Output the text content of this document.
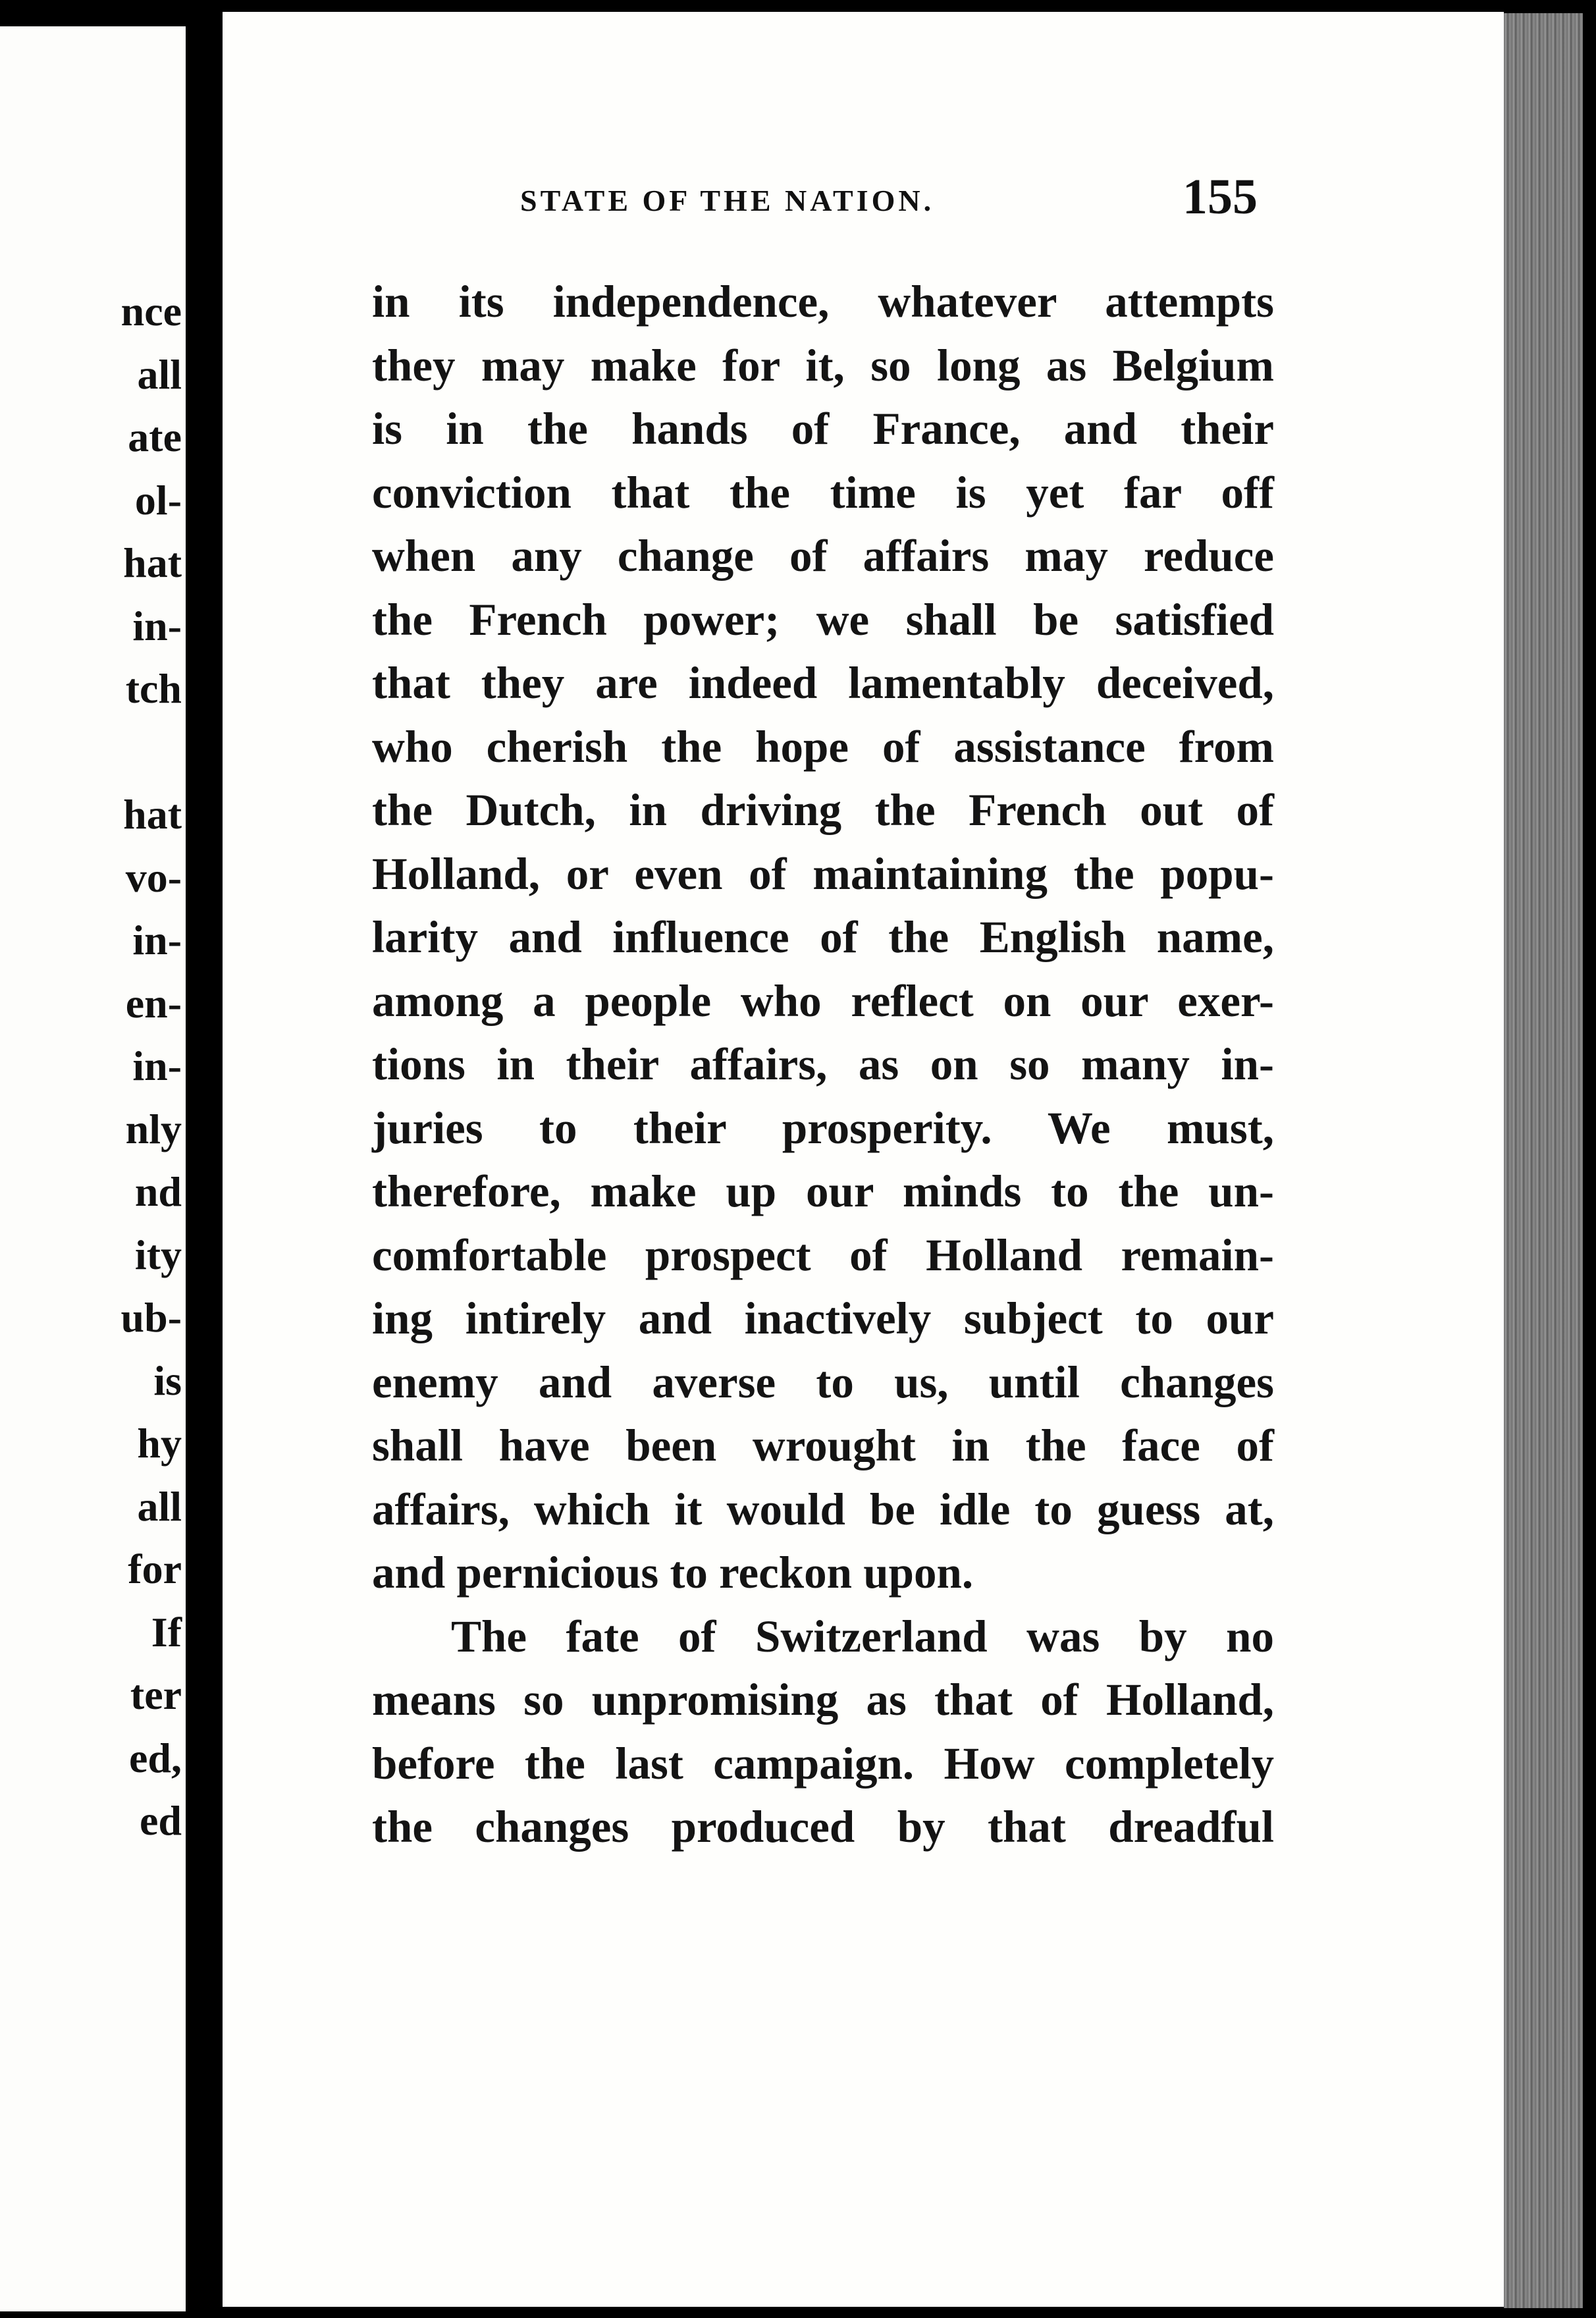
nce
all
ate
ol-
hat
in-
tch
hat
vo-
in-
en-
in-
nly
nd
ity
ub-
is
hy
all
for
If
ter
ed,
ed
STATE OF THE NATION.	155
in its independence, whatever attempts
they may make for it, so long as Belgium
is in the hands of France, and their
conviction that the time is yet far off
when any change of affairs may reduce
the French power; we shall be satisfied
that they are indeed lamentably deceived,
who cherish the hope of assistance from
the Dutch, in driving the French out of
Holland, or even of maintaining the popu-
larity and influence of the English name,
among a people who reflect on our exer-
tions in their affairs, as on so many in-
juries to their prosperity. We must,
therefore, make up our minds to the un-
comfortable prospect of Holland remain-
ing intirely and inactively subject to our
enemy and averse to us, until changes
shall have been wrought in the face of
affairs, which it would be idle to guess at,
and pernicious to reckon upon.
The fate of Switzerland was by no
means so unpromising as that of Holland,
before the last campaign. How completely
the changes produced by that dreadful
